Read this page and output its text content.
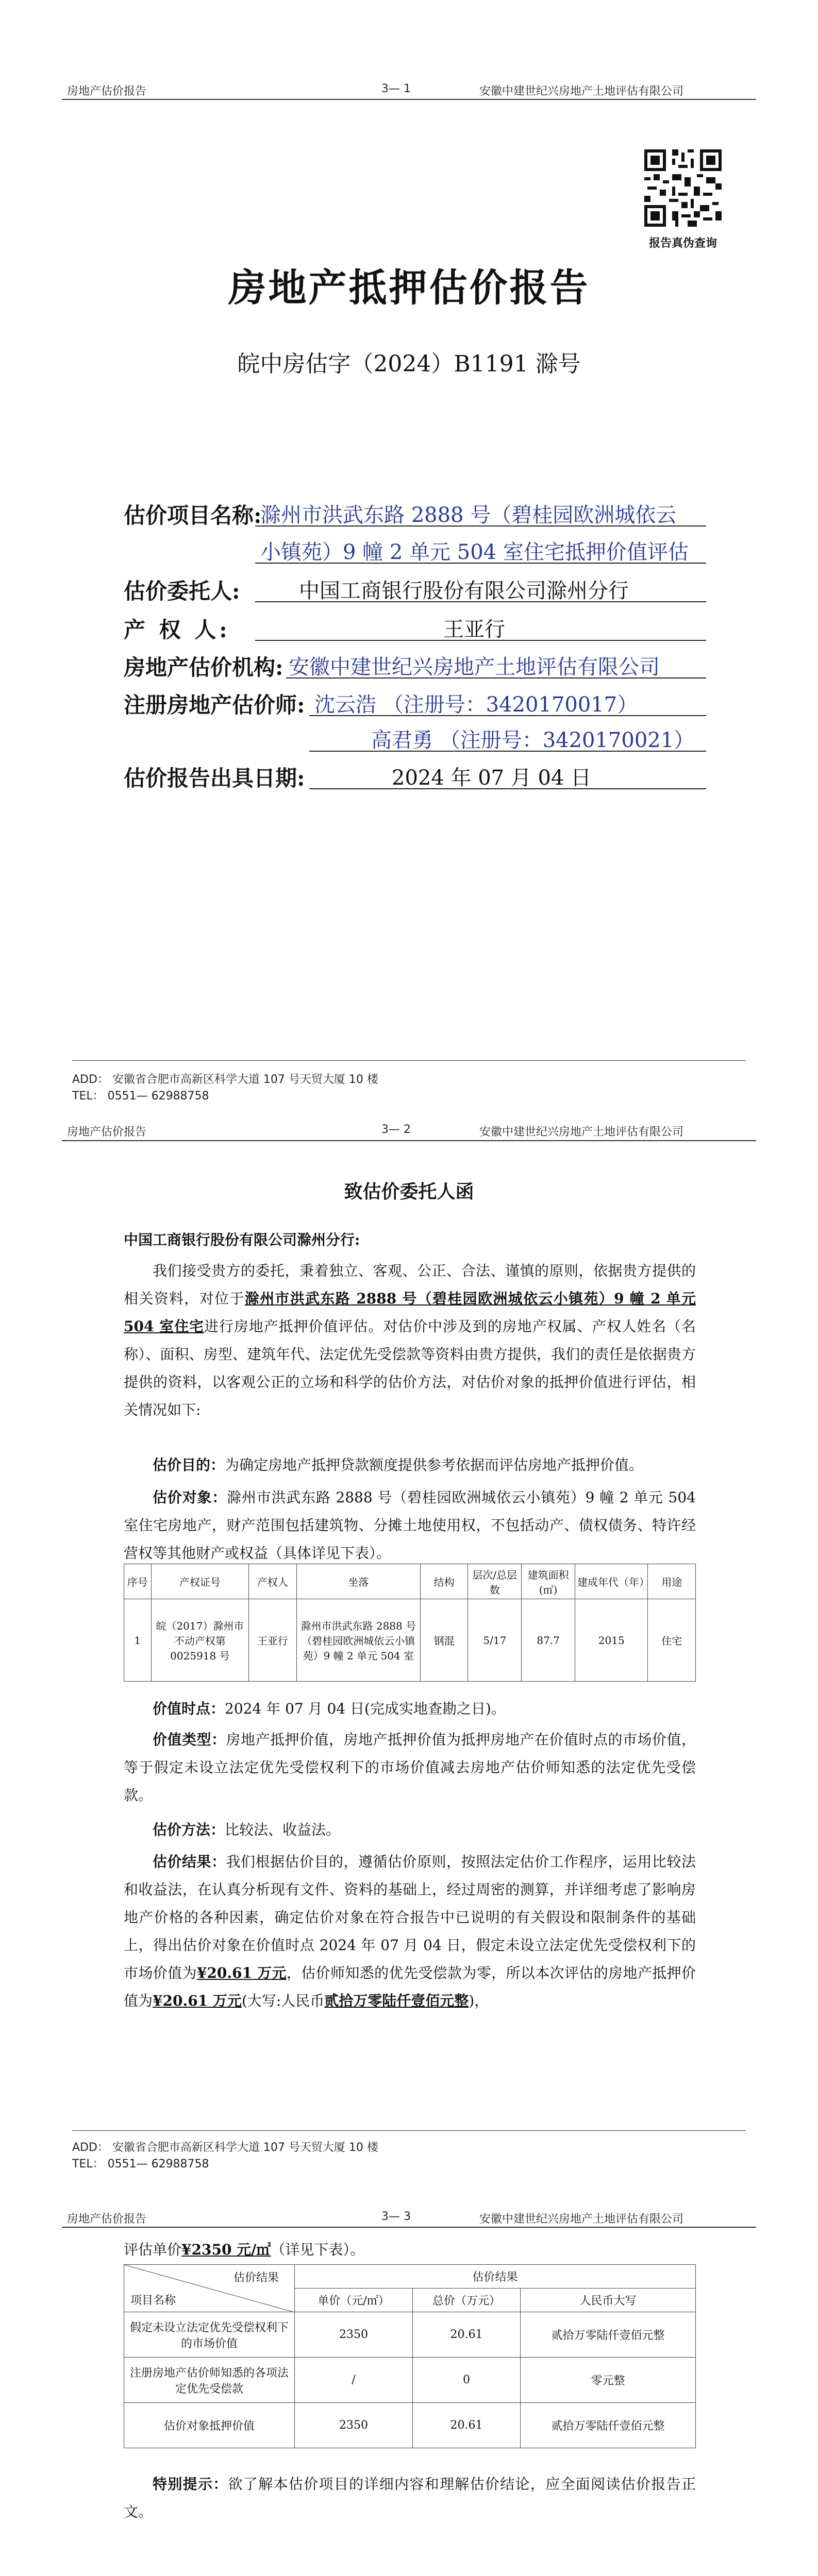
房地产估价报告	3— 1	安徽中建世纪兴房地产土地评估有限公司
报告真伪查询
房地产抵押估价报告
皖中房估字（2024）B1191 滁号
估价项目名称:
滁州市洪武东路 2888 号（碧桂园欧洲城依云
小镇苑）9 幢 2 单元 504 室住宅抵押价值评估
估价委托人:	中国工商银行股份有限公司滁州分行
产 权 人:	王亚行
房地产估价机构: 安徽中建世纪兴房地产土地评估有限公司
注册房地产估价师: 沈云浩 （注册号：3420170017）
高君勇 （注册号：3420170021）
估价报告出具日期:	2024 年 07 月 04 日
ADD： 安徽省合肥市高新区科学大道 107 号天贸大厦 10 楼
TEL： 0551— 62988758
房地产估价报告	3— 2	安徽中建世纪兴房地产土地评估有限公司
致估价委托人函
中国工商银行股份有限公司滁州分行:
我们接受贵方的委托，秉着独立、客观、公正、合法、谨慎的原则，依据贵方提供的相关资料，对位于滁州市洪武东路 2888 号（碧桂园欧洲城依云小镇苑）9 幢 2 单元 504 室住宅进行房地产抵押价值评估。对估价中涉及到的房地产权属、产权人姓名（名称）、面积、房型、建筑年代、法定优先受偿款等资料由贵方提供，我们的责任是依据贵方提供的资料，以客观公正的立场和科学的估价方法，对估价对象的抵押价值进行评估，相关情况如下:
估价目的：为确定房地产抵押贷款额度提供参考依据而评估房地产抵押价值。
估价对象：滁州市洪武东路 2888 号（碧桂园欧洲城依云小镇苑）9 幢 2 单元 504 室住宅房地产，财产范围包括建筑物、分摊土地使用权，不包括动产、债权债务、特许经营权等其他财产或权益（具体详见下表）。
序号	产权证号	产权人	坐落	结构	层次/总层数	建筑面积(㎡)	建成年代（年）	用途
1	皖（2017）滁州市不动产权第0025918 号	王亚行	滁州市洪武东路 2888 号（碧桂园欧洲城依云小镇苑）9 幢 2 单元 504 室	钢混	5/17	87.7	2015	住宅
价值时点：2024 年 07 月 04 日(完成实地查勘之日)。
价值类型：房地产抵押价值，房地产抵押价值为抵押房地产在价值时点的市场价值，等于假定未设立法定优先受偿权利下的市场价值减去房地产估价师知悉的法定优先受偿款。
估价方法：比较法、收益法。
估价结果：我们根据估价目的，遵循估价原则，按照法定估价工作程序，运用比较法和收益法，在认真分析现有文件、资料的基础上，经过周密的测算，并详细考虑了影响房地产价格的各种因素，确定估价对象在符合报告中已说明的有关假设和限制条件的基础上，得出估价对象在价值时点 2024 年 07 月 04 日，假定未设立法定优先受偿权利下的市场价值为¥20.61 万元，估价师知悉的优先受偿款为零，所以本次评估的房地产抵押价值为¥20.61 万元(大写:人民币贰拾万零陆仟壹佰元整)，
ADD： 安徽省合肥市高新区科学大道 107 号天贸大厦 10 楼
TEL： 0551— 62988758
房地产估价报告	3— 3	安徽中建世纪兴房地产土地评估有限公司
评估单价¥2350 元/㎡（详见下表）。
估价结果
项目名称	估价结果		
	单价（元/㎡）	总价（万元）	人民币大写
假定未设立法定优先受偿权利下的市场价值	2350	20.61	贰拾万零陆仟壹佰元整
注册房地产估价师知悉的各项法定优先受偿款	/	0	零元整
估价对象抵押价值	2350	20.61	贰拾万零陆仟壹佰元整
特别提示：欲了解本估价项目的详细内容和理解估价结论，应全面阅读估价报告正文。
